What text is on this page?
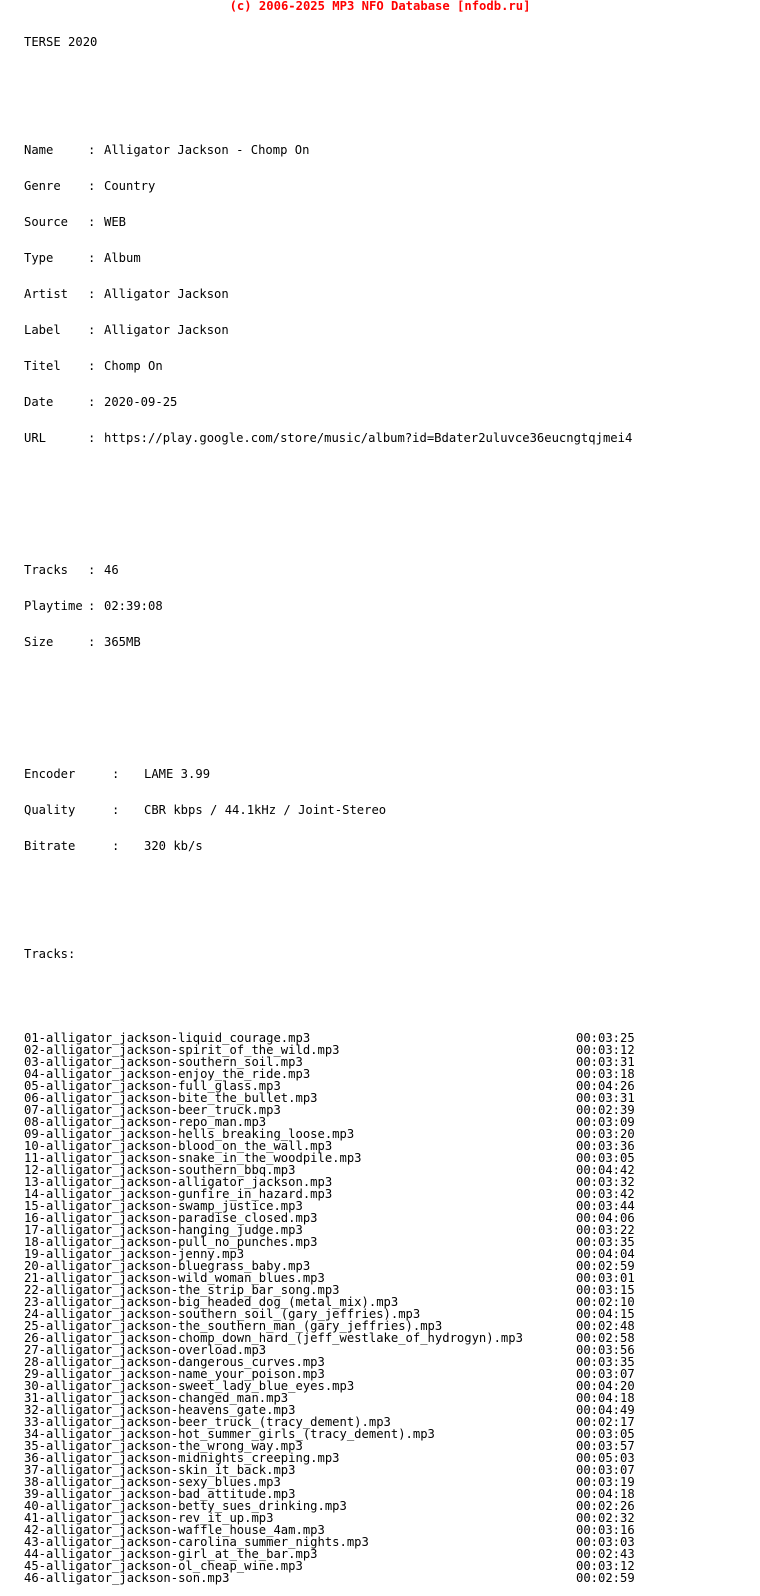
(c) 2006-2025 MP3 NFO Database [nfodb.ru]

TERSE 2020

Name	: Alligator Jackson - Chomp On

Genre : Country

Source : WEB

Type	: Album

Artist : Alligator Jackson

Label : Alligator Jackson

Titel : Chomp On

Date	: 2020-09-25

URL	: https://play.google.com/store/music/album?id=Bdater2uluvce36eucngtqjmei4

Tracks : 46

Playtime : 02:39:08

Size	: 365MB

Encoder	:  LAME 3.99

Quality	:  CBR kbps / 44.1kHz / Joint-Stereo

Bitrate	:  320 kb/s

Tracks:

01-alligator_jackson-liquid_courage.mp3	00:03:25
02-alligator_jackson-spirit_of_the_wild.mp3	00:03:12
03-alligator_jackson-southern_soil.mp3	00:03:31
04-alligator_jackson-enjoy_the_ride.mp3	00:03:18
05-alligator_jackson-full_glass.mp3	00:04:26
06-alligator_jackson-bite_the_bullet.mp3	00:03:31
07-alligator_jackson-beer_truck.mp3	00:02:39
08-alligator_jackson-repo_man.mp3	00:03:09
09-alligator_jackson-hells_breaking_loose.mp3	00:03:20
10-alligator_jackson-blood_on_the_wall.mp3	00:03:36
11-alligator_jackson-snake_in_the_woodpile.mp3	00:03:05
12-alligator_jackson-southern_bbq.mp3	00:04:42
13-alligator_jackson-alligator_jackson.mp3	00:03:32
14-alligator_jackson-gunfire_in_hazard.mp3	00:03:42
15-alligator_jackson-swamp_justice.mp3	00:03:44
16-alligator_jackson-paradise_closed.mp3	00:04:06
17-alligator_jackson-hanging_judge.mp3	00:03:22
18-alligator_jackson-pull_no_punches.mp3	00:03:35
19-alligator_jackson-jenny.mp3	00:04:04
20-alligator_jackson-bluegrass_baby.mp3	00:02:59
21-alligator_jackson-wild_woman_blues.mp3	00:03:01
22-alligator_jackson-the_strip_bar_song.mp3	00:03:15
23-alligator_jackson-big_headed_dog_(metal_mix).mp3	00:02:10
24-alligator_jackson-southern_soil_(gary_jeffries).mp3	00:04:15
25-alligator_jackson-the_southern_man_(gary_jeffries).mp3	00:02:48
26-alligator_jackson-chomp_down_hard_(jeff_westlake_of_hydrogyn).mp3	00:02:58
27-alligator_jackson-overload.mp3	00:03:56
28-alligator_jackson-dangerous_curves.mp3	00:03:35
29-alligator_jackson-name_your_poison.mp3	00:03:07
30-alligator_jackson-sweet_lady_blue_eyes.mp3	00:04:20
31-alligator_jackson-changed_man.mp3	00:04:18
32-alligator_jackson-heavens_gate.mp3	00:04:49
33-alligator_jackson-beer_truck_(tracy_dement).mp3	00:02:17
34-alligator_jackson-hot_summer_girls_(tracy_dement).mp3	00:03:05
35-alligator_jackson-the_wrong_way.mp3	00:03:57
36-alligator_jackson-midnights_creeping.mp3	00:05:03
37-alligator_jackson-skin_it_back.mp3	00:03:07
38-alligator_jackson-sexy_blues.mp3	00:03:19
39-alligator_jackson-bad_attitude.mp3	00:04:18
40-alligator_jackson-betty_sues_drinking.mp3	00:02:26
41-alligator_jackson-rev_it_up.mp3	00:02:32
42-alligator_jackson-waffle_house_4am.mp3	00:03:16
43-alligator_jackson-carolina_summer_nights.mp3	00:03:03
44-alligator_jackson-girl_at_the_bar.mp3	00:02:43
45-alligator_jackson-ol_cheap_wine.mp3	00:03:12
46-alligator_jackson-son.mp3	00:02:59
